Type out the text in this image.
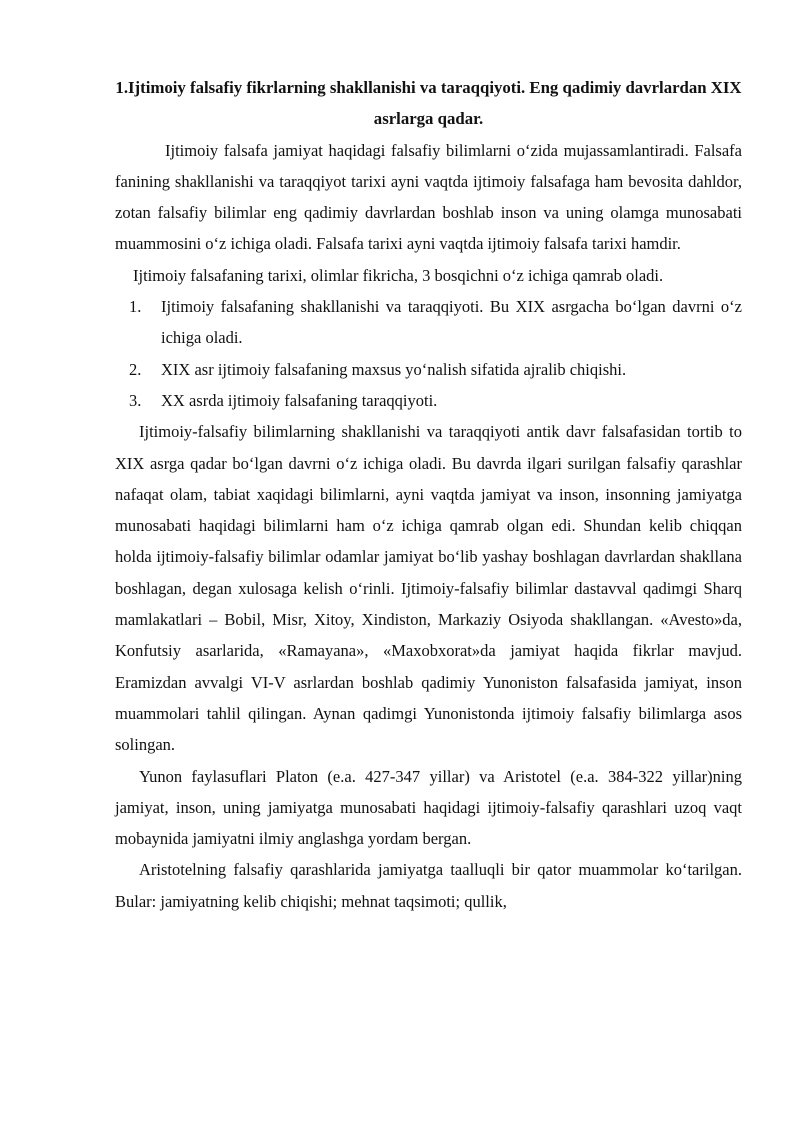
1.Ijtimoiy falsafiy fikrlarning shakllanishi va taraqqiyoti. Eng qadimiy davrlardan XIX asrlarga qadar.

Ijtimoiy falsafa jamiyat haqidagi falsafiy bilimlarni o‘zida mujassamlantiradi. Falsafa fanining shakllanishi va taraqqiyot tarixi ayni vaqtda ijtimoiy falsafaga ham bevosita dahldor, zotan falsafiy bilimlar eng qadimiy davrlardan boshlab inson va uning olamga munosabati muammosini o‘z ichiga oladi. Falsafa tarixi ayni vaqtda ijtimoiy falsafa tarixi hamdir.

Ijtimoiy falsafaning tarixi, olimlar fikricha, 3 bosqichni o‘z ichiga qamrab oladi.

1. Ijtimoiy falsafaning shakllanishi va taraqqiyoti. Bu XIX asrgacha bo‘lgan davrni o‘z ichiga oladi.
2. XIX asr ijtimoiy falsafaning maxsus yo‘nalish sifatida ajralib chiqishi.
3. XX asrda ijtimoiy falsafaning taraqqiyoti.

Ijtimoiy-falsafiy bilimlarning shakllanishi va taraqqiyoti antik davr falsafasidan tortib to XIX asrga qadar bo‘lgan davrni o‘z ichiga oladi. Bu davrda ilgari surilgan falsafiy qarashlar nafaqat olam, tabiat xaqidagi bilimlarni, ayni vaqtda jamiyat va inson, insonning jamiyatga munosabati haqidagi bilimlarni ham o‘z ichiga qamrab olgan edi. Shundan kelib chiqqan holda ijtimoiy-falsafiy bilimlar odamlar jamiyat bo‘lib yashay boshlagan davrlardan shakllana boshlagan, degan xulosaga kelish o‘rinli. Ijtimoiy-falsafiy bilimlar dastavval qadimgi Sharq mamlakatlari – Bobil, Misr, Xitoy, Xindiston, Markaziy Osiyoda shakllangan. «Avesto»da, Konfutsiy asarlarida, «Ramayana», «Maxobxorat»da jamiyat haqida fikrlar mavjud. Eramizdan avvalgi VI-V asrlardan boshlab qadimiy Yunoniston falsafasida jamiyat, inson muammolari tahlil qilingan. Aynan qadimgi Yunonistonda ijtimoiy falsafiy bilimlarga asos solingan.

Yunon faylasuflari Platon (e.a. 427-347 yillar) va Aristotel (e.a. 384-322 yillar)ning jamiyat, inson, uning jamiyatga munosabati haqidagi ijtimoiy-falsafiy qarashlari uzoq vaqt mobaynida jamiyatni ilmiy anglashga yordam bergan.

Aristotelning falsafiy qarashlarida jamiyatga taalluqli bir qator muammolar ko‘tarilgan. Bular: jamiyatning kelib chiqishi; mehnat taqsimoti; qullik,
